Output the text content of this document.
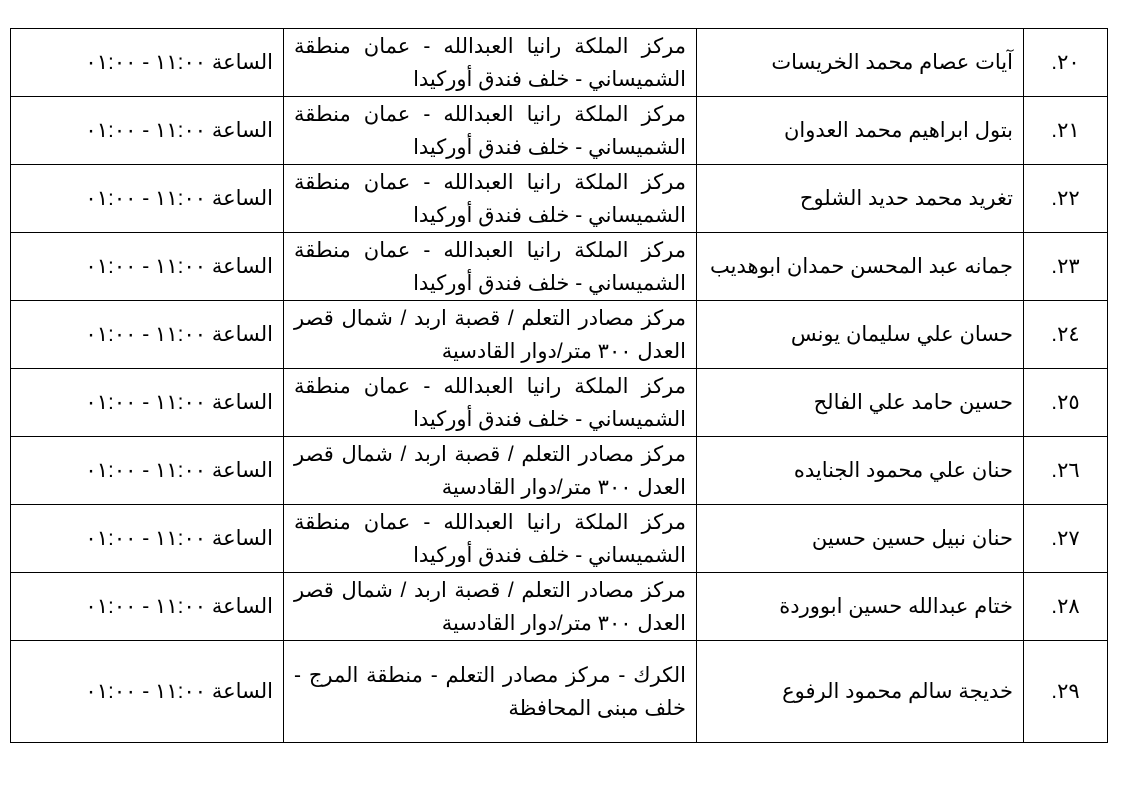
٢٠.	آيات عصام محمد الخريسات	مركز الملكة رانيا العبدالله - عمان منطقة الشميساني - خلف فندق أوركيدا	الساعة ١١:٠٠ - ٠١:٠٠
٢١.	بتول ابراهيم محمد العدوان	مركز الملكة رانيا العبدالله - عمان منطقة الشميساني - خلف فندق أوركيدا	الساعة ١١:٠٠ - ٠١:٠٠
٢٢.	تغريد محمد حديد الشلوح	مركز الملكة رانيا العبدالله - عمان منطقة الشميساني - خلف فندق أوركيدا	الساعة ١١:٠٠ - ٠١:٠٠
٢٣.	جمانه عبد المحسن حمدان ابوهديب	مركز الملكة رانيا العبدالله - عمان منطقة الشميساني - خلف فندق أوركيدا	الساعة ١١:٠٠ - ٠١:٠٠
٢٤.	حسان علي سليمان يونس	مركز مصادر التعلم / قصبة اربد / شمال قصر العدل ٣٠٠ متر/دوار القادسية	الساعة ١١:٠٠ - ٠١:٠٠
٢٥.	حسين حامد علي الفالح	مركز الملكة رانيا العبدالله - عمان منطقة الشميساني - خلف فندق أوركيدا	الساعة ١١:٠٠ - ٠١:٠٠
٢٦.	حنان علي محمود الجنايده	مركز مصادر التعلم / قصبة اربد / شمال قصر العدل ٣٠٠ متر/دوار القادسية	الساعة ١١:٠٠ - ٠١:٠٠
٢٧.	حنان نبيل حسين حسين	مركز الملكة رانيا العبدالله - عمان منطقة الشميساني - خلف فندق أوركيدا	الساعة ١١:٠٠ - ٠١:٠٠
٢٨.	ختام عبدالله حسين ابووردة	مركز مصادر التعلم / قصبة اربد / شمال قصر العدل ٣٠٠ متر/دوار القادسية	الساعة ١١:٠٠ - ٠١:٠٠
٢٩.	خديجة سالم محمود الرفوع	الكرك - مركز مصادر التعلم - منطقة المرج - خلف مبنى المحافظة	الساعة ١١:٠٠ - ٠١:٠٠
